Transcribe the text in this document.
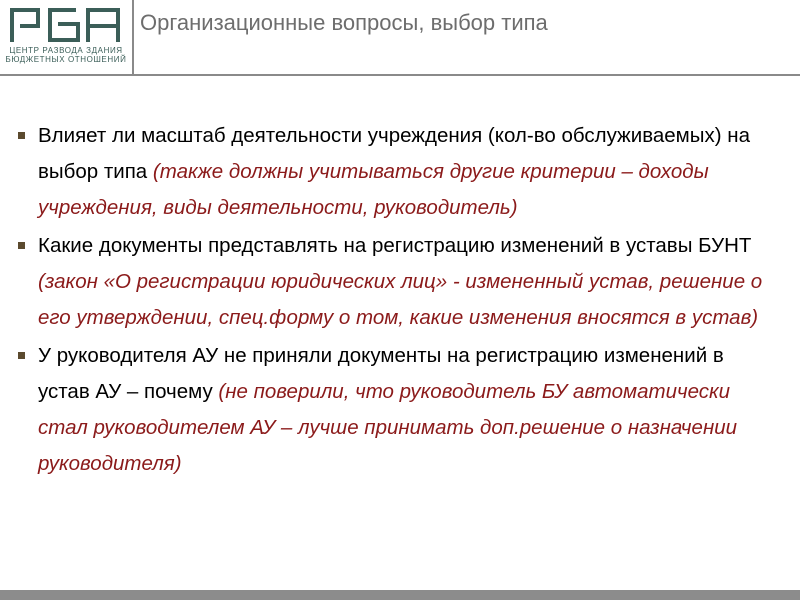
ЦЕНТР РАЗВОДА ЗДАНИЯ
БЮДЖЕТНЫХ ОТНОШЕНИЙ
Организационные вопросы, выбор типа
Влияет ли масштаб деятельности учреждения (кол-во обслуживаемых) на выбор типа (также должны учитываться другие критерии – доходы учреждения, виды деятельности, руководитель)
Какие документы представлять на регистрацию изменений в уставы БУНТ (закон «О регистрации юридических лиц» - измененный устав, решение о его утверждении, спец.форму о том, какие изменения вносятся в устав)
У руководителя АУ не приняли документы на регистрацию изменений в устав АУ – почему (не поверили, что руководитель БУ автоматически стал руководителем АУ – лучше принимать доп.решение о назначении руководителя)
